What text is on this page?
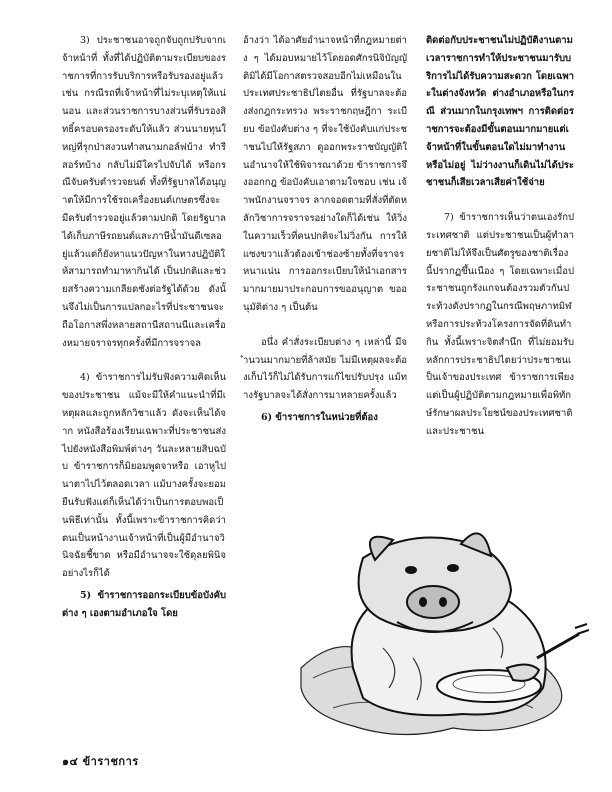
3) ประชาชนอาจถูกจับถูกปรับจากเจ้าหน้าที่ ทั้งที่ได้ปฏิบัติตามระเบียบของราชการที่การรับบริการหรือรับรองอยู่แล้ว เช่น กรณีรถที่เจ้าหน้าที่ไม่ระบุเหตุให้แน่นอน และส่วนราชการบางส่วนที่รับรองสิทธิ์ครอบครองระดับให้แล้ว ส่วนนายทุนใหญ่ที่รุกป่าสงวนทำสนามกอล์ฟบ้าง ทำรีสอร์ทบ้าง กลับไม่มีใครไปจับได้ หรือกรณีจับครับตำรวจยนต์ ทั้งที่รัฐบาลได้อนุญาตให้มีการใช้รถเครื่องยนต์เกษตรซึ่งจะมีครับตำรวจอยู่แล้วตามปกติ โดยรัฐบาลได้เก็บภาษีรถยนต์และภาษีน้ำมันดีเซลอยู่แล้วแต่ก็ยังหาแนวปัญหาในทางปฏิบัติให้สามารถทำมาหากินได้ เป็นปกติและช่วยสร้างความเกลียดชังต่อรัฐได้ด้วย ดังนั้นจึงไม่เป็นการแปลกอะไรที่ประชาชนจะถือโอกาสพึ่งหลายสถานีสถานนีและเครื่องหมายจราจรทุกครั้งที่มีการจราจล

4) ข้าราชการไม่รับฟังความคิดเห็นของประชาชน แม้จะมีให้คำแนะนำที่มีเหตุผลและถูกหลักวิชาแล้ว ดังจะเห็นได้จาก หนังสือร้องเรียนเฉพาะที่ประชาชนส่งไปยังหนังสือพิมพ์ต่างๆ วันละหลายสิบฉบับ ข้าราชการก็มิยอมพูดจาหรือ เอาหูไปนาตาไปไว้ตลอดเวลา แม้บางครั้งจะยอมยืนรับฟังแต่ก็เห็นได้ว่าเป็นการตอบพอเป็นพิธีเท่านั้น ทั้งนี้เพราะข้าราชการคิดว่าตนเป็นหน้างานเจ้าหน้าที่เป็นผู้มีอำนาจวินิจฉัยชี้ขาด หรือมีอำนาจจะใช้ดุลยพินิจอย่างไรก็ได้

5) ข้าราชการออกระเบียบข้อบังคับต่าง ๆ เองตามอำเภอใจ โดย

อ้างว่า ได้อาศัยอำนาจหน้าที่กฎหมายต่าง ๆ ได้มอบหมายไว้โดยอดศักรนิจิบัญญัติมิได้มีโอกาสตรวจสอบอีกไม่เหมือนในประเทศประชาธิปไตยอื่น ที่รัฐบาลจะต้องส่งกฎกระทรวง พระราชกฤษฎีกา ระเบียบ ข้อบังคับต่าง ๆ ที่จะใช้บังคับแก่ประชาชนไปให้รัฐสภา ดูออกพระราชบัญญัติในอำนาจให้ใช้พิจารณาด้วย ข้าราชการจึงออกกฎ ข้อบังคับเอาตามใจชอบ เช่น เจ้าพนักงานจราจร ลากจอดตามที่สั่งที่ตัดหลักวิชาการจราจรอย่างใดก็ได้เช่น ให้วิ่งในความเร็วที่คนปกติจะไม่วิ่งกัน การให้แซงขวาแล้วต้องเข้าช่องซ้ายทั้งที่จราจรหนาแน่น การออกระเบียบให้นำเอกสารมากมายมาประกอบการขออนุญาต ขออนุมัติต่าง ๆ เป็นต้น

อนึ่ง คำสั่งระเบียบต่าง ๆ เหล่านี้ มีจำนวนมากมายที่ล้าสมัย ไม่มีเหตุผลจะต้องเก็บไว้ก็ไม่ได้รับการแก้ไขปรับปรุง แม้ทางรัฐบาลจะได้สั่งการมาหลายครั้งแล้ว

6) ข้าราชการในหน่วยที่ต้อง

ติดต่อกับประชาชนไม่ปฏิบัติงานตามเวลาราชการทำให้ประชาชนมารับบริการไม่ได้รับความสะดวก โดยเฉพาะในต่างจังหวัด ต่างอำเภอหรือในกรณี ส่วนมากในกรุงเทพฯ การติดต่อราชการจะต้องมีขั้นตอนมากมายแต่เจ้าหน้าที่ในขั้นตอนใดไม่มาทำงาน หรือไม่อยู่ ไม่ว่างงานก็เดินไม่ได้ประชาชนก็เสียเวลาเสียค่าใช้จ่าย

7) ข้าราชการเห็นว่าตนเองรักประเทศชาติ แต่ประชาชนเป็นผู้ทำลายชาติไม่ให้จึงเป็นศัตรูของชาติเรื่องนี้ปรากฏขึ้นเนือง ๆ โดยเฉพาะเมื่อประชาชนถูกรังแกจนต้องรวมตัวกันประท้วงดังปรากฏในกรณีพฤษภาทมิฬ หรือการประท้วงโครงการจัดที่ดินทำกิน ทั้งนี้เพราะจิตสำนึก ที่ไม่ยอมรับหลักการประชาธิปไตยว่าประชาชนเป็นเจ้าของประเทศ ข้าราชการเพียงแต่เป็นผู้ปฏิบัติตามกฎหมายเพื่อพิทักษ์รักษาผลประโยชน์ของประเทศชาติและประชาชน

๑๔ ข้าราชการ
